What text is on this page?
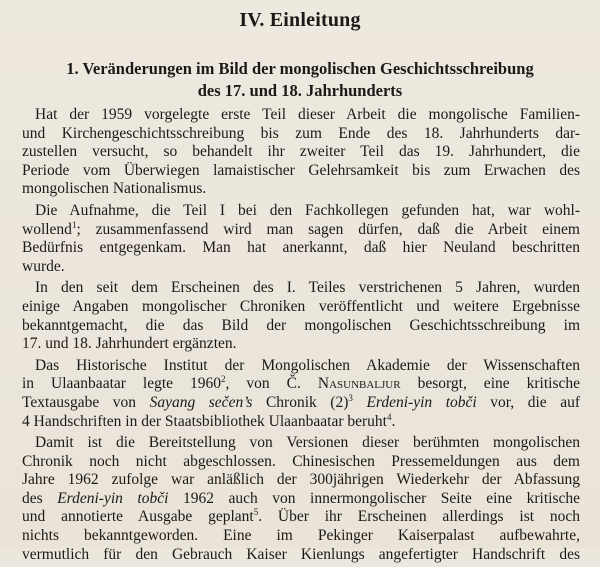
IV. Einleitung
1. Veränderungen im Bild der mongolischen Geschichtsschreibung
des 17. und 18. Jahrhunderts
Hat der 1959 vorgelegte erste Teil dieser Arbeit die mongolische Familien-
und Kirchengeschichtsschreibung bis zum Ende des 18. Jahrhunderts dar-
zustellen versucht, so behandelt ihr zweiter Teil das 19. Jahrhundert, die
Periode vom Überwiegen lamaistischer Gelehrsamkeit bis zum Erwachen des
mongolischen Nationalismus.
Die Aufnahme, die Teil I bei den Fachkollegen gefunden hat, war wohl-
wollend$^1$; zusammenfassend wird man sagen dürfen, daß die Arbeit einem
Bedürfnis entgegenkam. Man hat anerkannt, daß hier Neuland beschritten
wurde.
In den seit dem Erscheinen des I. Teiles verstrichenen 5 Jahren, wurden
einige Angaben mongolischer Chroniken veröffentlicht und weitere Ergebnisse
bekanntgemacht, die das Bild der mongolischen Geschichtsschreibung im
17. und 18. Jahrhundert ergänzten.
Das Historische Institut der Mongolischen Akademie der Wissenschaften
in Ulaanbaatar legte 1960$^2$, von Č. Nasunbaljur besorgt, eine kritische
Textausgabe von Sayang sečen’s Chronik $(2)^3$ Erdeni-yin tobči vor, die auf
4 Handschriften in der Staatsbibliothek Ulaanbaatar beruht$^4$.
Damit ist die Bereitstellung von Versionen dieser berühmten mongolischen
Chronik noch nicht abgeschlossen. Chinesischen Pressemeldungen aus dem
Jahre 1962 zufolge war anläßlich der 300jährigen Wiederkehr der Abfassung
des Erdeni-yin tobči 1962 auch von innermongolischer Seite eine kritische
und annotierte Ausgabe geplant$^5$. Über ihr Erscheinen allerdings ist noch
nichts bekanntgeworden. Eine im Pekinger Kaiserpalast aufbewahrte,
vermutlich für den Gebrauch Kaiser Kienlungs angefertigter Handschrift des
